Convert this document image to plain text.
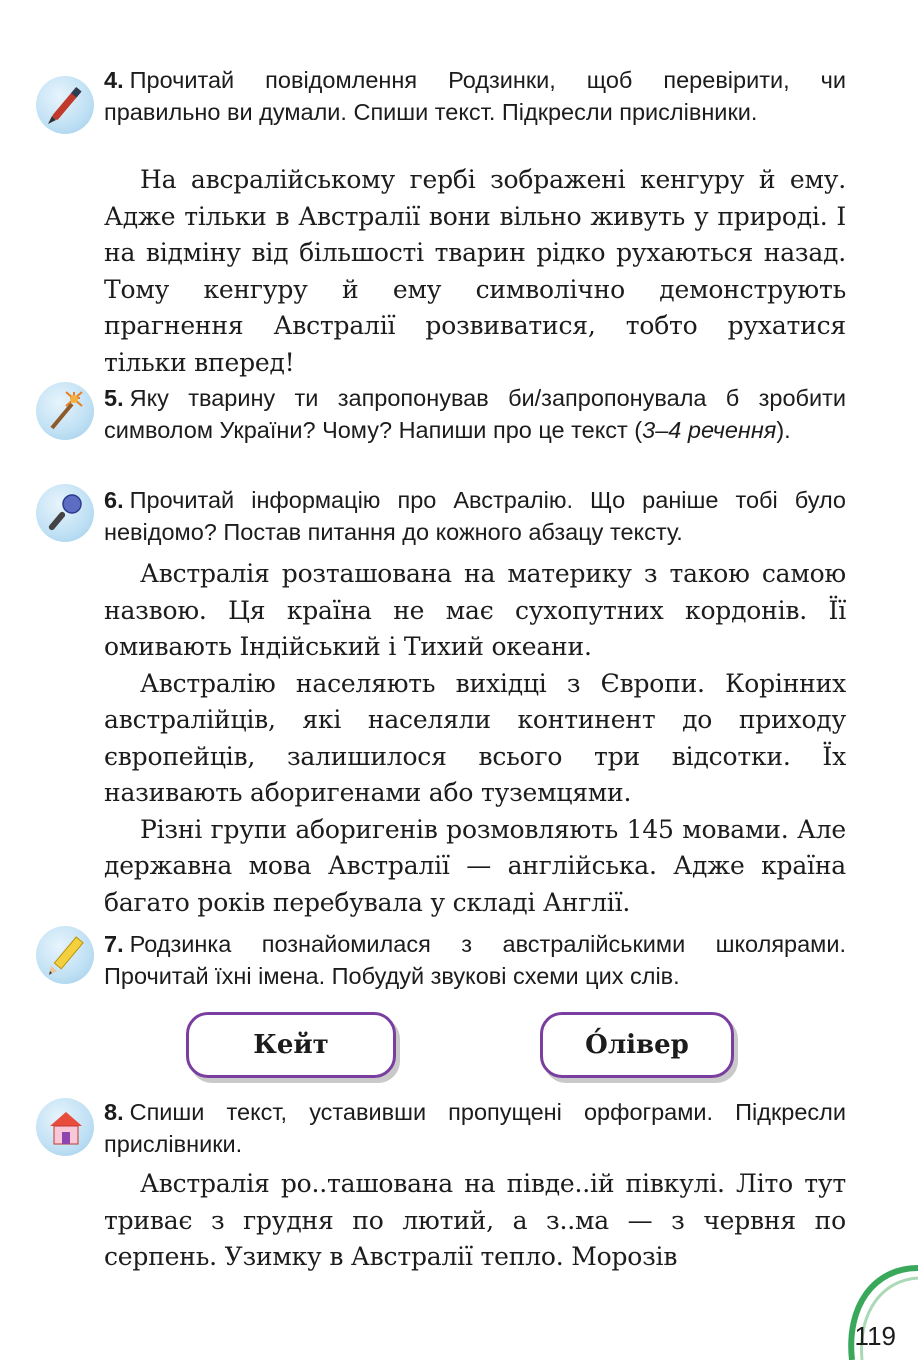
4. Прочитай повідомлення Родзинки, щоб перевірити, чи правильно ви думали. Спиши текст. Підкресли прислівники.

На авсралійському гербі зображені кенгуру й ему. Адже тільки в Австралії вони вільно живуть у природі. І на відміну від більшості тварин рідко рухаються назад. Тому кенгуру й ему символічно демонструють прагнення Австралії розвиватися, тобто рухатися тільки вперед!

5. Яку тварину ти запропонував би/запропонувала б зробити символом України? Чому? Напиши про це текст (3–4 речення).
6. Прочитай інформацію про Австралію. Що раніше тобі було невідомо? Постав питання до кожного абзацу тексту.

Австралія розташована на материку з такою самою назвою. Ця країна не має сухопутних кордонів. Її омивають Індійський і Тихий океани.

Австралію населяють вихідці з Європи. Корінних австралійців, які населяли континент до приходу європейців, залишилося всього три відсотки. Їх називають аборигенами або туземцями.

Різні групи аборигенів розмовляють 145 мовами. Але державна мова Австралії — англійська. Адже країна багато років перебувала у складі Англії.

7. Родзинка познайомилася з австралійськими школярами. Прочитай їхні імена. Побудуй звукові схеми цих слів.
Кейт	О́лівер
8. Спиши текст, уставивши пропущені орфограми. Підкресли прислівники.

Австралія ро..ташована на півде..ій півкулі. Літо тут триває з грудня по лютий, а з..ма — з червня по серпень. Узимку в Австралії тепло. Морозів

119
